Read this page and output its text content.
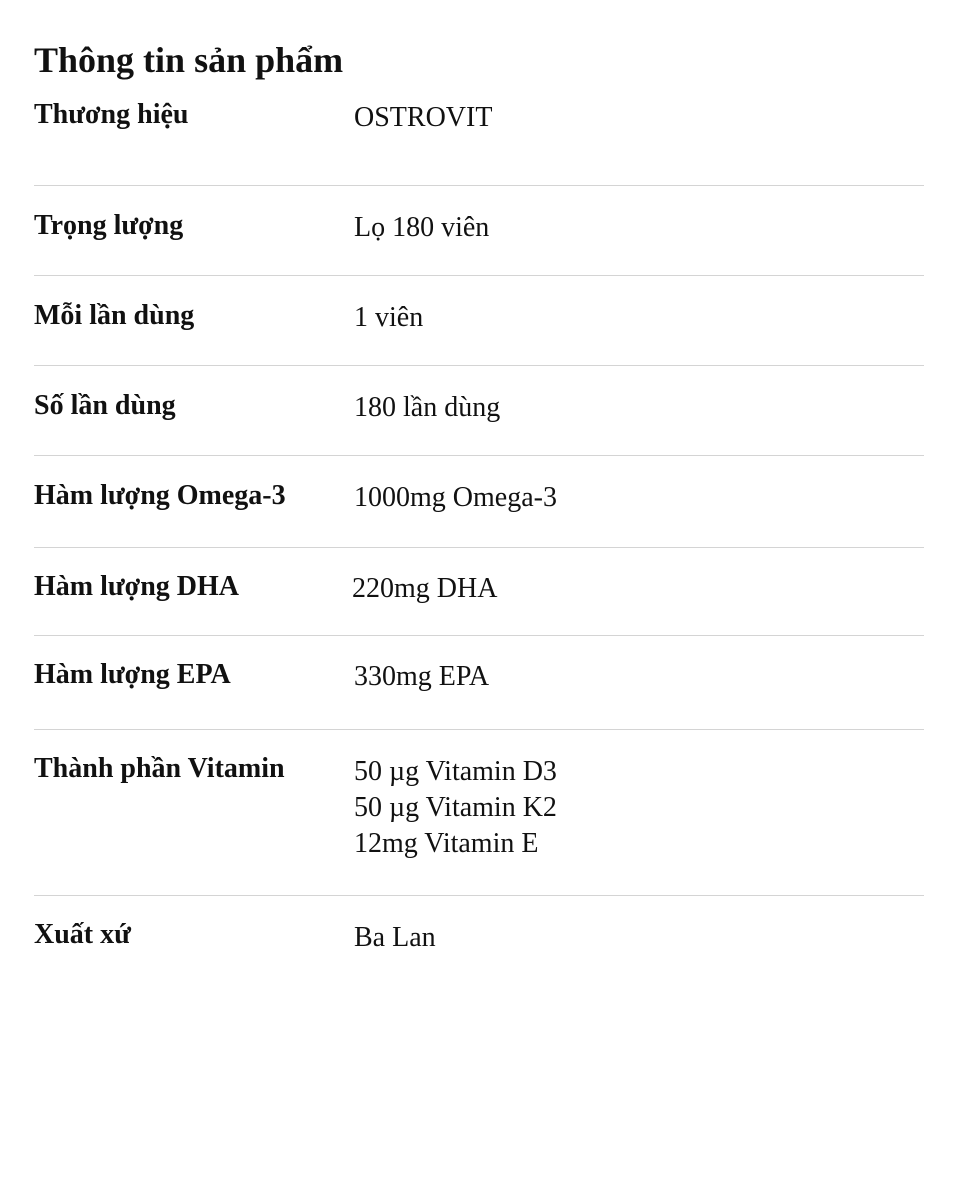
Thông tin sản phẩm
Thương hiệu	OSTROVIT
Trọng lượng	Lọ 180 viên
Mỗi lần dùng	1 viên
Số lần dùng	180 lần dùng
Hàm lượng Omega-3	1000mg Omega-3
Hàm lượng DHA	220mg DHA
Hàm lượng EPA	330mg EPA
Thành phần Vitamin	50 µg Vitamin D3
50 µg Vitamin K2
12mg Vitamin E
Xuất xứ	Ba Lan
